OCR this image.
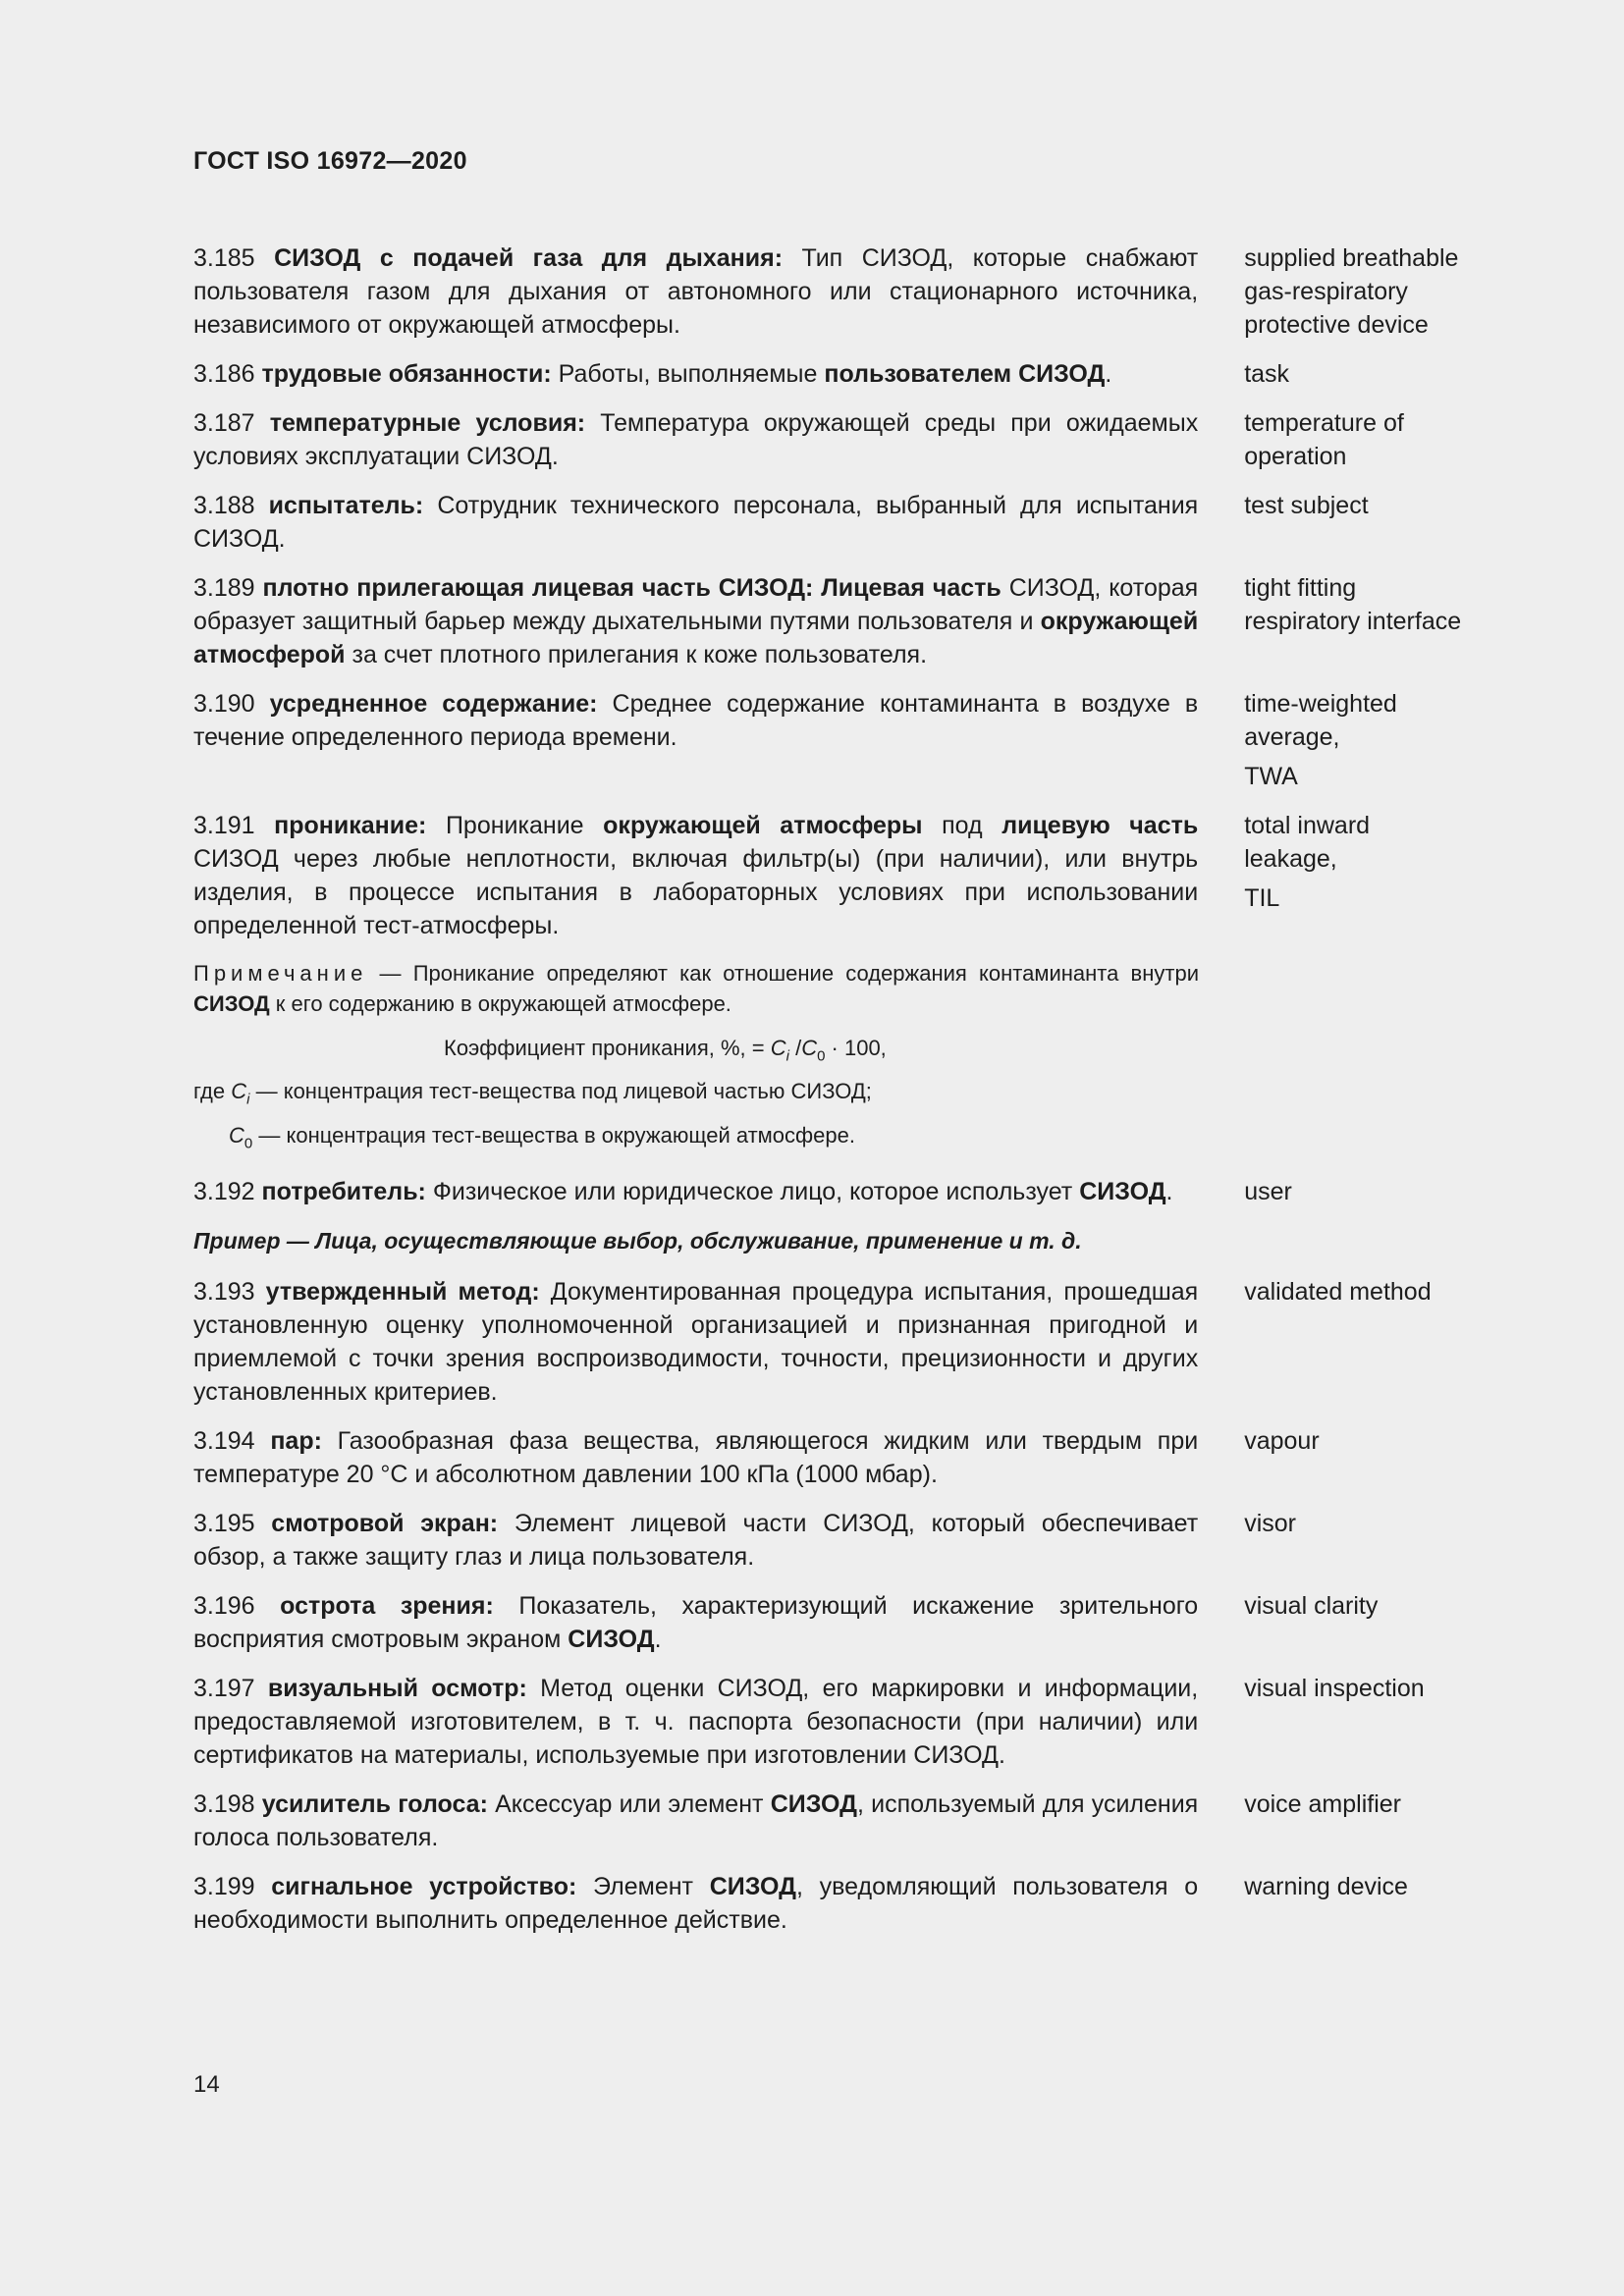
ГОСТ ISO 16972—2020
3.185 СИЗОД с подачей газа для дыхания: Тип СИЗОД, которые снабжают пользователя газом для дыхания от автономного или стационарного источника, независимого от окружающей атмосферы.
supplied breathable
gas-respiratory
protective device
3.186 трудовые обязанности: Работы, выполняемые пользователем СИЗОД.	task
3.187 температурные условия: Температура окружающей среды при ожидаемых условиях эксплуатации СИЗОД.
temperature of
operation
3.188 испытатель: Сотрудник технического персонала, выбранный для испытания СИЗОД.
test subject
3.189 плотно прилегающая лицевая часть СИЗОД: Лицевая часть СИЗОД, которая образует защитный барьер между дыхательными путями пользователя и окружающей атмосферой за счет плотного прилегания к коже пользователя.
tight fitting
respiratory interface
3.190 усредненное содержание: Среднее содержание контаминанта в воздухе в течение определенного периода времени.
time-weighted
average,
TWA
3.191 проникание: Проникание окружающей атмосферы под лицевую часть СИЗОД через любые неплотности, включая фильтр(ы) (при наличии), или внутрь изделия, в процессе испытания в лабораторных условиях при использовании определенной тест-атмосферы.
total inward
leakage,
TIL
Примечание — Проникание определяют как отношение содержания контаминанта внутри СИЗОД к его содержанию в окружающей атмосфере.
Коэффициент проникания, %, = $C_i$ $/C_0 \cdot 100$,
где $C_i$ — концентрация тест-вещества под лицевой частью СИЗОД;
$C_0$ — концентрация тест-вещества в окружающей атмосфере.
3.192 потребитель: Физическое или юридическое лицо, которое использует СИЗОД.	user
Пример — Лица, осуществляющие выбор, обслуживание, применение и т. д.
3.193 утвержденный метод: Документированная процедура испытания, прошедшая установленную оценку уполномоченной организацией и признанная пригодной и приемлемой с точки зрения воспроизводимости, точности, прецизионности и других установленных критериев.
validated method
3.194 пар: Газообразная фаза вещества, являющегося жидким или твердым при температуре 20 °C и абсолютном давлении 100 кПа (1000 мбар).
vapour
3.195 смотровой экран: Элемент лицевой части СИЗОД, который обеспечивает обзор, а также защиту глаз и лица пользователя.
visor
3.196 острота зрения: Показатель, характеризующий искажение зрительного восприятия смотровым экраном СИЗОД.
visual clarity
3.197 визуальный осмотр: Метод оценки СИЗОД, его маркировки и информации, предоставляемой изготовителем, в т. ч. паспорта безопасности (при наличии) или сертификатов на материалы, используемые при изготовлении СИЗОД.
visual inspection
3.198 усилитель голоса: Аксессуар или элемент СИЗОД, используемый для усиления голоса пользователя.
voice amplifier
3.199 сигнальное устройство: Элемент СИЗОД, уведомляющий пользователя о необходимости выполнить определенное действие.
warning device
14
